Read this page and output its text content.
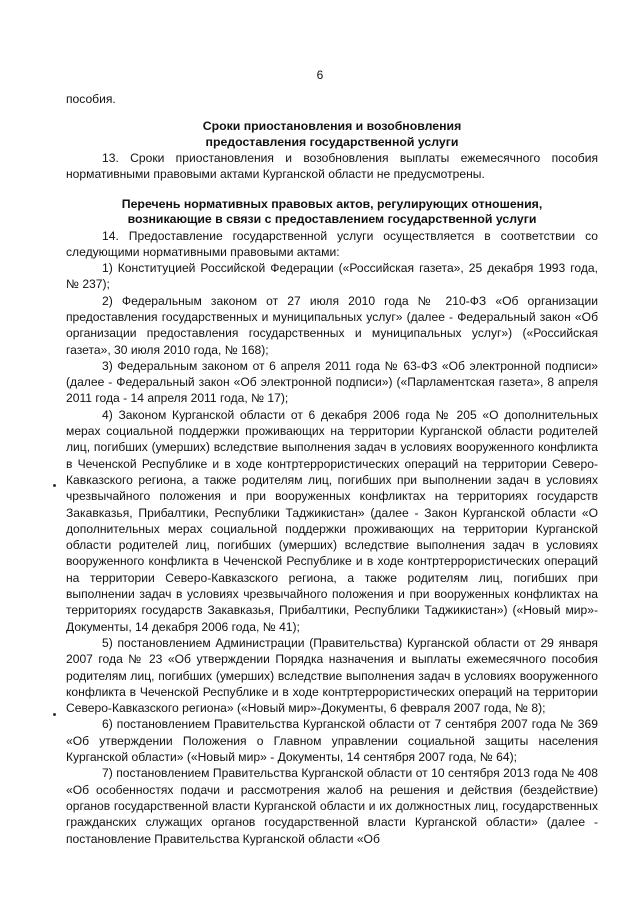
6

пособия.

Сроки приостановления и возобновления
предоставления государственной услуги

13. Сроки приостановления и возобновления выплаты ежемесячного пособия нормативными правовыми актами Курганской области не предусмотрены.

Перечень нормативных правовых актов, регулирующих отношения,
возникающие в связи с предоставлением государственной услуги

14. Предоставление государственной услуги осуществляется в соответствии со следующими нормативными правовыми актами:

1) Конституцией Российской Федерации («Российская газета», 25 декабря 1993 года, № 237);

2) Федеральным законом от 27 июля 2010 года № 210-ФЗ «Об организации предоставления государственных и муниципальных услуг» (далее - Федеральный закон «Об организации предоставления государственных и муниципальных услуг») («Российская газета», 30 июля 2010 года, № 168);

3) Федеральным законом от 6 апреля 2011 года № 63-ФЗ «Об электронной подписи» (далее - Федеральный закон «Об электронной подписи») («Парламентская газета», 8 апреля 2011 года - 14 апреля 2011 года, № 17);

4) Законом Курганской области от 6 декабря 2006 года № 205 «О дополнительных мерах социальной поддержки проживающих на территории Курганской области родителей лиц, погибших (умерших) вследствие выполнения задач в условиях вооруженного конфликта в Чеченской Республике и в ходе контртеррористических операций на территории Северо-Кавказского региона, а также родителям лиц, погибших при выполнении задач в условиях чрезвычайного положения и при вооруженных конфликтах на территориях государств Закавказья, Прибалтики, Республики Таджикистан» (далее - Закон Курганской области «О дополнительных мерах социальной поддержки проживающих на территории Курганской области родителей лиц, погибших (умерших) вследствие выполнения задач в условиях вооруженного конфликта в Чеченской Республике и в ходе контртеррористических операций на территории Северо-Кавказского региона, а также родителям лиц, погибших при выполнении задач в условиях чрезвычайного положения и при вооруженных конфликтах на территориях государств Закавказья, Прибалтики, Республики Таджикистан») («Новый мир»-Документы, 14 декабря 2006 года, № 41);

5) постановлением Администрации (Правительства) Курганской области от 29 января 2007 года № 23 «Об утверждении Порядка назначения и выплаты ежемесячного пособия родителям лиц, погибших (умерших) вследствие выполнения задач в условиях вооруженного конфликта в Чеченской Республике и в ходе контртеррористических операций на территории Северо-Кавказского региона» («Новый мир»-Документы, 6 февраля 2007 года, № 8);

6) постановлением Правительства Курганской области от 7 сентября 2007 года № 369 «Об утверждении Положения о Главном управлении социальной защиты населения Курганской области» («Новый мир» - Документы, 14 сентября 2007 года, № 64);

7) постановлением Правительства Курганской области от 10 сентября 2013 года № 408 «Об особенностях подачи и рассмотрения жалоб на решения и действия (бездействие) органов государственной власти Курганской области и их должностных лиц, государственных гражданских служащих органов государственной власти Курганской области» (далее - постановление Правительства Курганской области «Об
